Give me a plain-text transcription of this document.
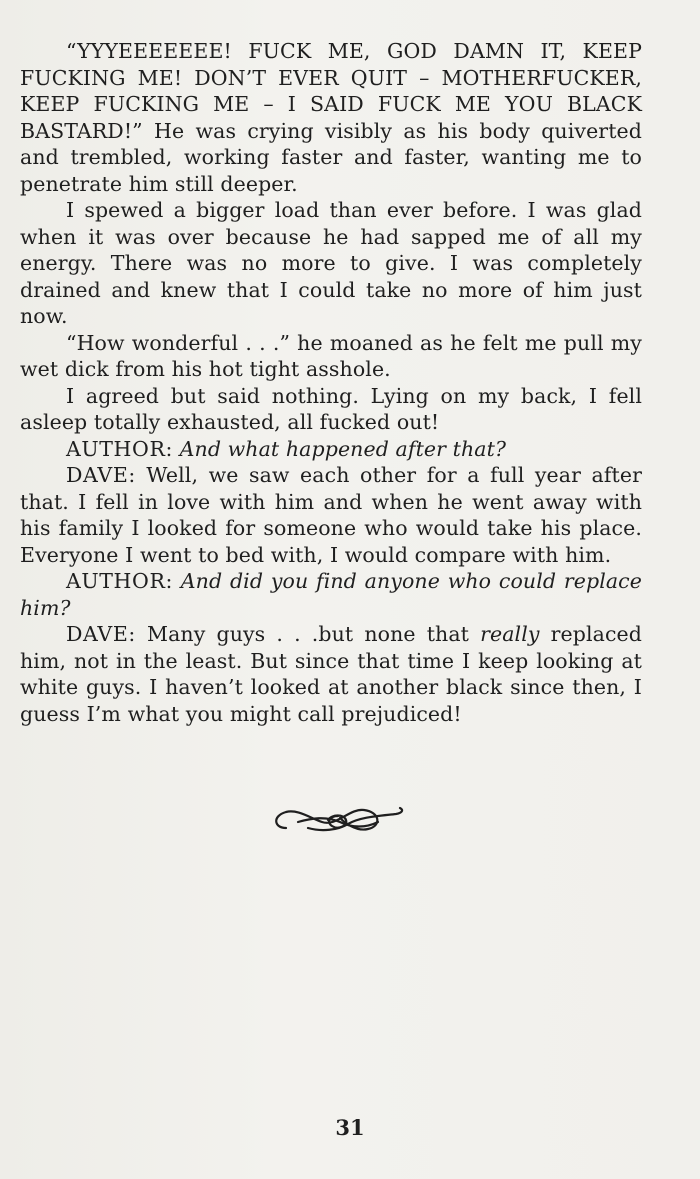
“YYYEEEEEEE! FUCK ME, GOD DAMN IT, KEEP FUCKING ME! DON’T EVER QUIT – MOTHERFUCKER, KEEP FUCKING ME – I SAID FUCK ME YOU BLACK BASTARD!” He was crying visibly as his body quiverted and trembled, working faster and faster, wanting me to penetrate him still deeper.

I spewed a bigger load than ever before. I was glad when it was over because he had sapped me of all my energy. There was no more to give. I was completely drained and knew that I could take no more of him just now.

“How wonderful . . .” he moaned as he felt me pull my wet dick from his hot tight asshole.

I agreed but said nothing. Lying on my back, I fell asleep totally exhausted, all fucked out!

AUTHOR: And what happened after that?

DAVE: Well, we saw each other for a full year after that. I fell in love with him and when he went away with his family I looked for someone who would take his place. Everyone I went to bed with, I would compare with him.

AUTHOR: And did you find anyone who could replace him?

DAVE: Many guys . . .but none that really replaced him, not in the least. But since that time I keep looking at white guys. I haven’t looked at another black since then, I guess I’m what you might call prejudiced!

31
